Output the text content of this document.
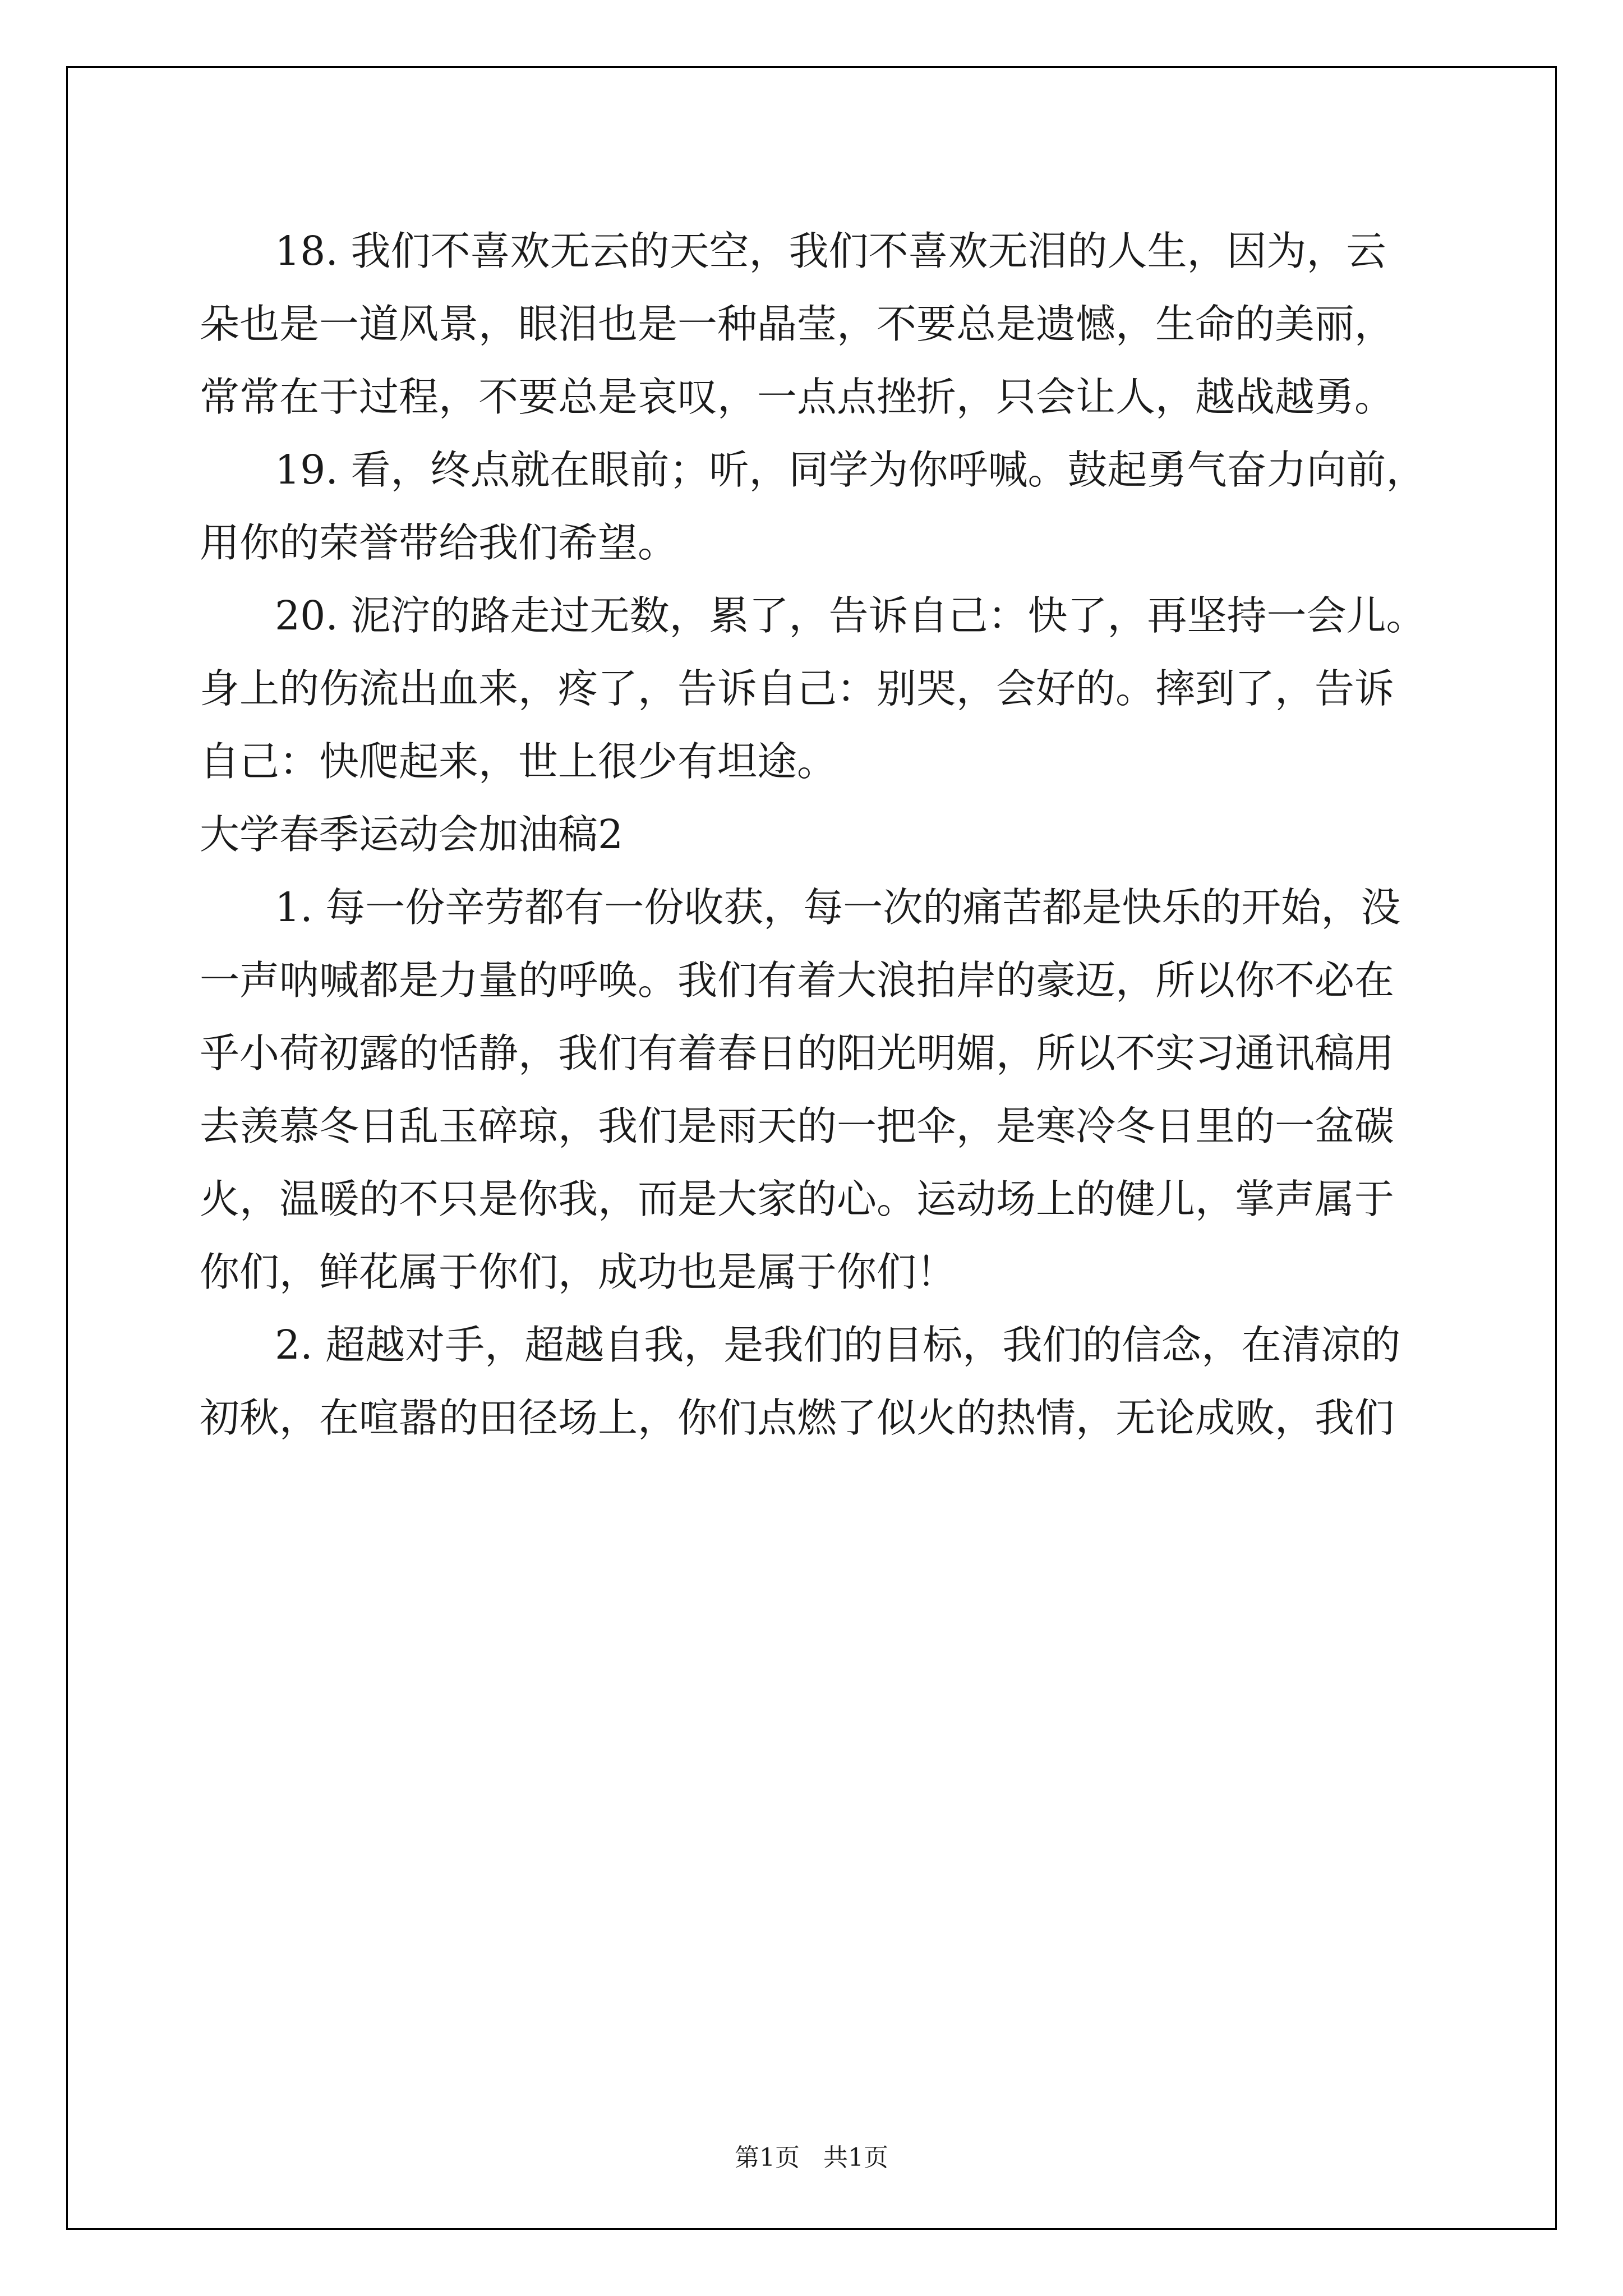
18. 我们不喜欢无云的天空，我们不喜欢无泪的人生，因为，云
朵也是一道风景，眼泪也是一种晶莹，不要总是遗憾，生命的美丽，
常常在于过程，不要总是哀叹，一点点挫折，只会让人，越战越勇。
19. 看，终点就在眼前；听，同学为你呼喊。鼓起勇气奋力向前，
用你的荣誉带给我们希望。
20. 泥泞的路走过无数，累了，告诉自己：快了，再坚持一会儿。
身上的伤流出血来，疼了，告诉自己：别哭，会好的。摔到了，告诉
自己：快爬起来，世上很少有坦途。
大学春季运动会加油稿2
1. 每一份辛劳都有一份收获，每一次的痛苦都是快乐的开始，没
一声呐喊都是力量的呼唤。我们有着大浪拍岸的豪迈，所以你不必在
乎小荷初露的恬静，我们有着春日的阳光明媚，所以不实习通讯稿用
去羡慕冬日乱玉碎琼，我们是雨天的一把伞，是寒冷冬日里的一盆碳
火，温暖的不只是你我，而是大家的心。运动场上的健儿，掌声属于
你们，鲜花属于你们，成功也是属于你们！
2. 超越对手，超越自我，是我们的目标，我们的信念，在清凉的
初秋，在喧嚣的田径场上，你们点燃了似火的热情，无论成败，我们
第1页   共1页
